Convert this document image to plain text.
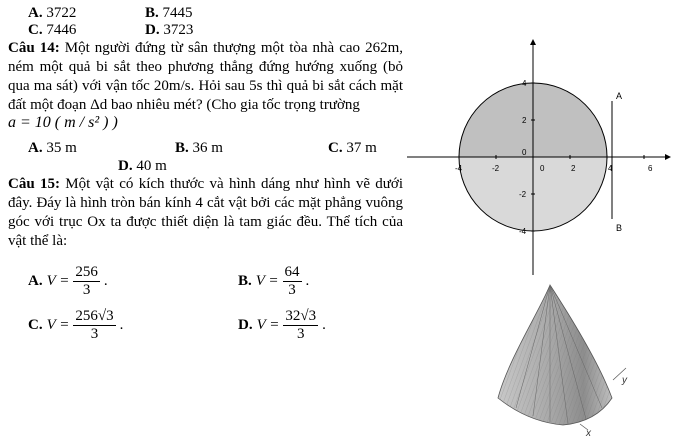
A. 3722	B. 7445
C. 7446	D. 3723
Câu 14: Một người đứng từ sân thượng một tòa nhà cao 262m, ném một quả bi sắt theo phương thẳng đứng hướng xuống (bỏ qua ma sát) với vận tốc 20m/s. Hỏi sau 5s thì quả bi sắt cách mặt đất một đoạn Δd bao nhiêu mét? (Cho gia tốc trọng trường
a = 10 ( m / s² ) )
A. 35 m	B. 36 m	C. 37 m
D. 40 m
Câu 15: Một vật có kích thước và hình dáng như hình vẽ dưới đây. Đáy là hình tròn bán kính 4 cắt vật bởi các mặt phẳng vuông góc với trục Ox ta được thiết diện là tam giác đều. Thể tích của vật thể là:
A. $V = \frac{256}{3}$ .	B. $V = \frac{64}{3}$ .
C. $V = \frac{256√3}{3}$ .	D. $V = \frac{32√3}{3}$ .
-4	-2	0	2	4	6
4
2
0
-2
-4
A
B
y
x
